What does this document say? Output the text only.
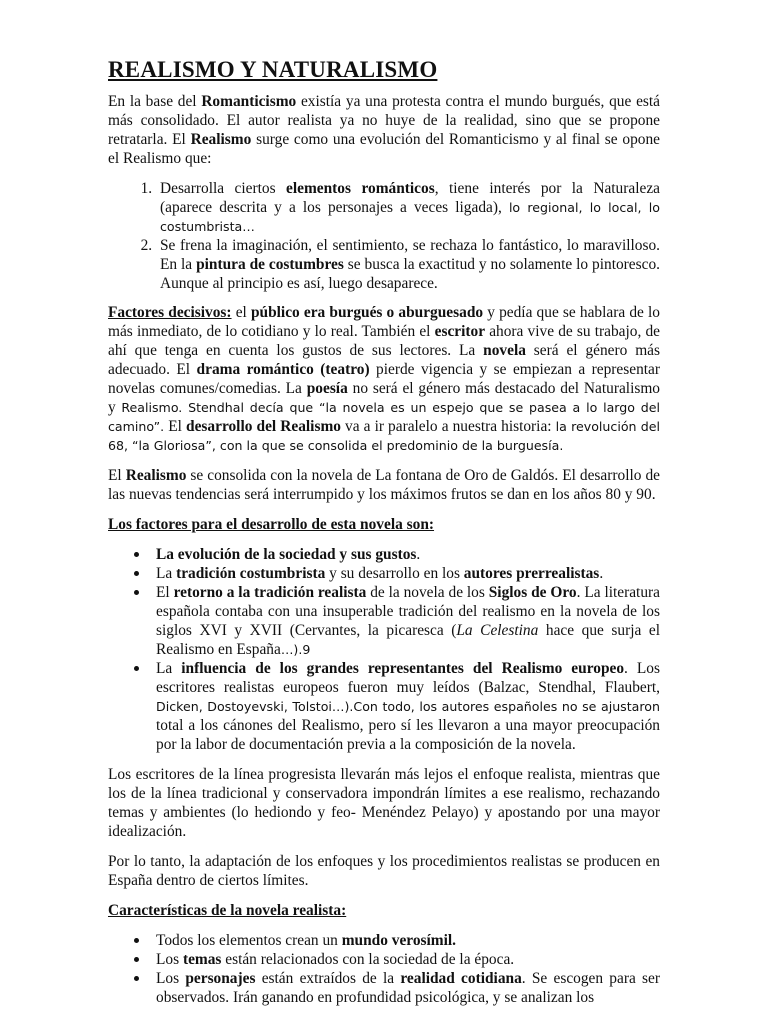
REALISMO Y NATURALISMO

En la base del Romanticismo existía ya una protesta contra el mundo burgués, que está más consolidado. El autor realista ya no huye de la realidad, sino que se propone retratarla. El Realismo surge como una evolución del Romanticismo y al final se opone el Realismo que:

1. Desarrolla ciertos elementos románticos, tiene interés por la Naturaleza (aparece descrita y a los personajes a veces ligada), lo regional, lo local, lo costumbrista…
2. Se frena la imaginación, el sentimiento, se rechaza lo fantástico, lo maravilloso. En la pintura de costumbres se busca la exactitud y no solamente lo pintoresco. Aunque al principio es así, luego desaparece.

Factores decisivos: el público era burgués o aburguesado y pedía que se hablara de lo más inmediato, de lo cotidiano y lo real. También el escritor ahora vive de su trabajo, de ahí que tenga en cuenta los gustos de sus lectores. La novela será el género más adecuado. El drama romántico (teatro) pierde vigencia y se empiezan a representar novelas comunes/comedias. La poesía no será el género más destacado del Naturalismo y Realismo. Stendhal decía que “la novela es un espejo que se pasea a lo largo del camino”. El desarrollo del Realismo va a ir paralelo a nuestra historia: la revolución del 68, “la Gloriosa”, con la que se consolida el predominio de la burguesía.

El Realismo se consolida con la novela de La fontana de Oro de Galdós. El desarrollo de las nuevas tendencias será interrumpido y los máximos frutos se dan en los años 80 y 90.

Los factores para el desarrollo de esta novela son:

La evolución de la sociedad y sus gustos.
La tradición costumbrista y su desarrollo en los autores prerrealistas.
El retorno a la tradición realista de la novela de los Siglos de Oro. La literatura española contaba con una insuperable tradición del realismo en la novela de los siglos XVI y XVII (Cervantes, la picaresca (La Celestina hace que surja el Realismo en España…).9
La influencia de los grandes representantes del Realismo europeo. Los escritores realistas europeos fueron muy leídos (Balzac, Stendhal, Flaubert, Dicken, Dostoyevski, Tolstoi…).Con todo, los autores españoles no se ajustaron total a los cánones del Realismo, pero sí les llevaron a una mayor preocupación por la labor de documentación previa a la composición de la novela.

Los escritores de la línea progresista llevarán más lejos el enfoque realista, mientras que los de la línea tradicional y conservadora impondrán límites a ese realismo, rechazando temas y ambientes (lo hediondo y feo- Menéndez Pelayo) y apostando por una mayor idealización.

Por lo tanto, la adaptación de los enfoques y los procedimientos realistas se producen en España dentro de ciertos límites.

Características de la novela realista:

Todos los elementos crean un mundo verosímil.
Los temas están relacionados con la sociedad de la época.
Los personajes están extraídos de la realidad cotidiana. Se escogen para ser observados. Irán ganando en profundidad psicológica, y se analizan los
